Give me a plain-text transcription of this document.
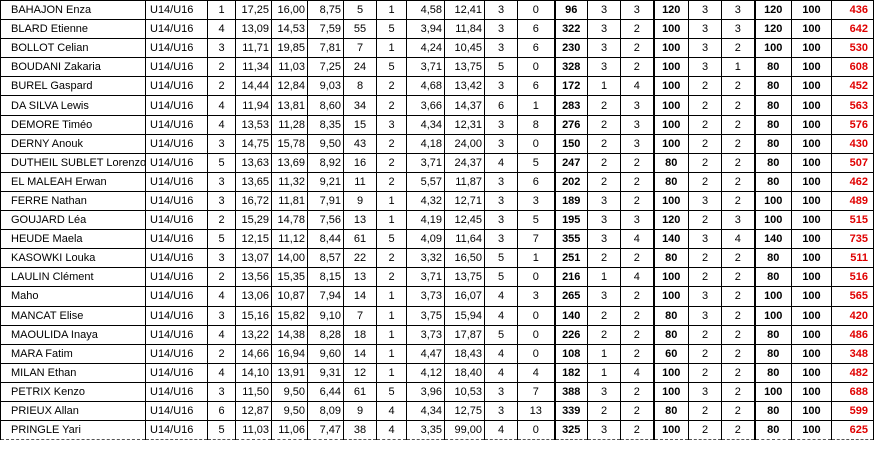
BAHAJON Enza	U14/U16	1	17,25	16,00	8,75	5	1	4,58	12,41	3	0	96	3	3	120	3	3	120	100	436
BLARD Etienne	U14/U16	4	13,09	14,53	7,59	55	5	3,94	11,84	3	6	322	3	2	100	3	3	120	100	642
BOLLOT Celian	U14/U16	3	11,71	19,85	7,81	7	1	4,24	10,45	3	6	230	3	2	100	3	2	100	100	530
BOUDANI Zakaria	U14/U16	2	11,34	11,03	7,25	24	5	3,71	13,75	5	0	328	3	2	100	3	1	80	100	608
BUREL Gaspard	U14/U16	2	14,44	12,84	9,03	8	2	4,68	13,42	3	6	172	1	4	100	2	2	80	100	452
DA SILVA Lewis	U14/U16	4	11,94	13,81	8,60	34	2	3,66	14,37	6	1	283	2	3	100	2	2	80	100	563
DEMORE Timéo	U14/U16	4	13,53	11,28	8,35	15	3	4,34	12,31	3	8	276	2	3	100	2	2	80	100	576
DERNY Anouk	U14/U16	3	14,75	15,78	9,50	43	2	4,18	24,00	3	0	150	2	3	100	2	2	80	100	430
DUTHEIL SUBLET Lorenzo	U14/U16	5	13,63	13,69	8,92	16	2	3,71	24,37	4	5	247	2	2	80	2	2	80	100	507
EL MALEAH Erwan	U14/U16	3	13,65	11,32	9,21	11	2	5,57	11,87	3	6	202	2	2	80	2	2	80	100	462
FERRE Nathan	U14/U16	3	16,72	11,81	7,91	9	1	4,32	12,71	3	3	189	3	2	100	3	2	100	100	489
GOUJARD Léa	U14/U16	2	15,29	14,78	7,56	13	1	4,19	12,45	3	5	195	3	3	120	2	3	100	100	515
HEUDE Maela	U14/U16	5	12,15	11,12	8,44	61	5	4,09	11,64	3	7	355	3	4	140	3	4	140	100	735
KASOWKI Louka	U14/U16	3	13,07	14,00	8,57	22	2	3,32	16,50	5	1	251	2	2	80	2	2	80	100	511
LAULIN Clément	U14/U16	2	13,56	15,35	8,15	13	2	3,71	13,75	5	0	216	1	4	100	2	2	80	100	516
Maho	U14/U16	4	13,06	10,87	7,94	14	1	3,73	16,07	4	3	265	3	2	100	3	2	100	100	565
MANCAT Elise	U14/U16	3	15,16	15,82	9,10	7	1	3,75	15,94	4	0	140	2	2	80	3	2	100	100	420
MAOULIDA Inaya	U14/U16	4	13,22	14,38	8,28	18	1	3,73	17,87	5	0	226	2	2	80	2	2	80	100	486
MARA Fatim	U14/U16	2	14,66	16,94	9,60	14	1	4,47	18,43	4	0	108	1	2	60	2	2	80	100	348
MILAN Ethan	U14/U16	4	14,10	13,91	9,31	12	1	4,12	18,40	4	4	182	1	4	100	2	2	80	100	482
PETRIX Kenzo	U14/U16	3	11,50	9,50	6,44	61	5	3,96	10,53	3	7	388	3	2	100	3	2	100	100	688
PRIEUX Allan	U14/U16	6	12,87	9,50	8,09	9	4	4,34	12,75	3	13	339	2	2	80	2	2	80	100	599
PRINGLE Yari	U14/U16	5	11,03	11,06	7,47	38	4	3,35	99,00	4	0	325	3	2	100	2	2	80	100	625
